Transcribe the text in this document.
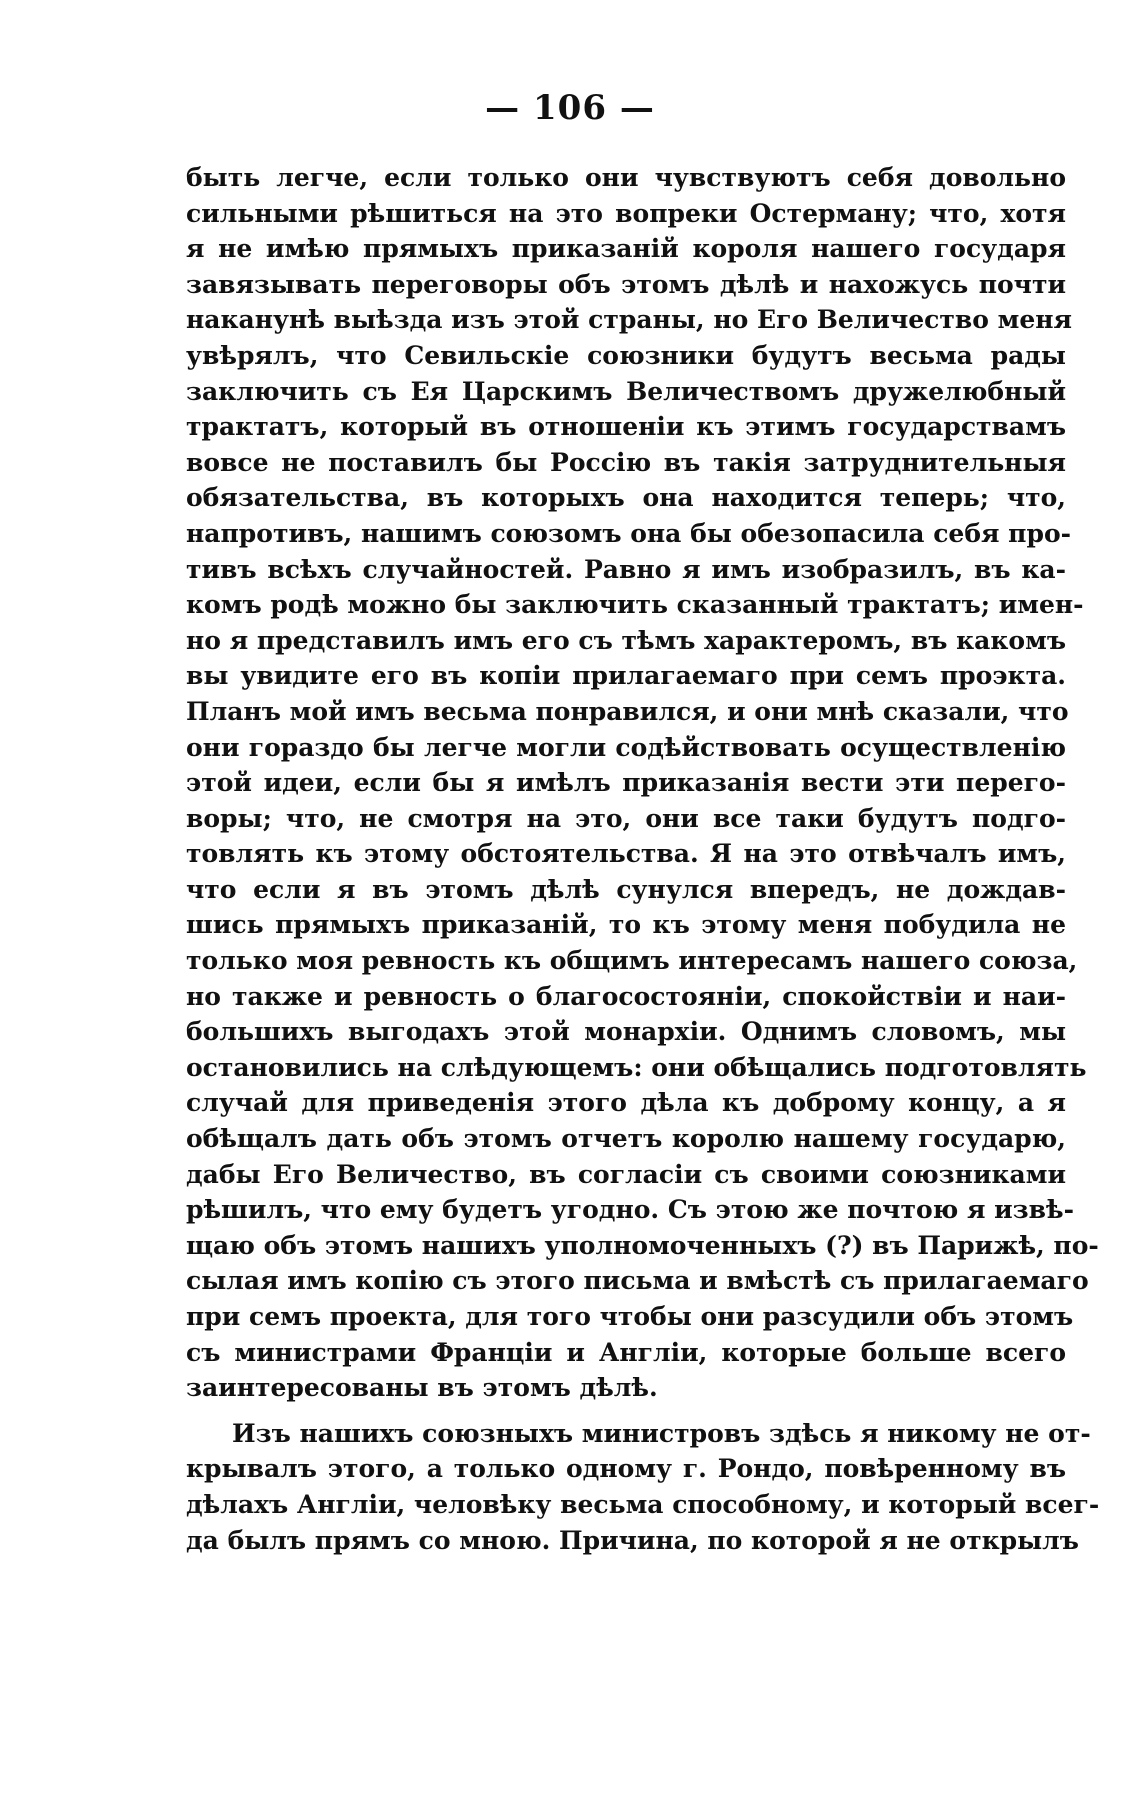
— 106 —
быть легче, если только они чувствуютъ себя довольно
сильными рѣшиться на это вопреки Остерману; что, хотя
я не имѣю прямыхъ приказаній короля нашего государя
завязывать переговоры объ этомъ дѣлѣ и нахожусь почти
наканунѣ выѣзда изъ этой страны, но Его Величество меня
увѣрялъ, что Севильскіе союзники будутъ весьма рады
заключить съ Ея Царскимъ Величествомъ дружелюбный
трактатъ, который въ отношеніи къ этимъ государствамъ
вовсе не поставилъ бы Россію въ такія затруднительныя
обязательства, въ которыхъ она находится теперь; что,
напротивъ, нашимъ союзомъ она бы обезопасила себя про-
тивъ всѣхъ случайностей. Равно я имъ изобразилъ, въ ка-
комъ родѣ можно бы заключить сказанный трактатъ; имен-
но я представилъ имъ его съ тѣмъ характеромъ, въ какомъ
вы увидите его въ копіи прилагаемаго при семъ проэкта.
Планъ мой имъ весьма понравился, и они мнѣ сказали, что
они гораздо бы легче могли содѣйствовать осуществленію
этой идеи, если бы я имѣлъ приказанія вести эти перего-
воры; что, не смотря на это, они все таки будутъ подго-
товлять къ этому обстоятельства. Я на это отвѣчалъ имъ,
что если я въ этомъ дѣлѣ сунулся впередъ, не дождав-
шись прямыхъ приказаній, то къ этому меня побудила не
только моя ревность къ общимъ интересамъ нашего союза,
но также и ревность о благосостояніи, спокойствіи и наи-
большихъ выгодахъ этой монархіи. Однимъ словомъ, мы
остановились на слѣдующемъ: они обѣщались подготовлять
случай для приведенія этого дѣла къ доброму концу, а я
обѣщалъ дать объ этомъ отчетъ королю нашему государю,
дабы Его Величество, въ согласіи съ своими союзниками
рѣшилъ, что ему будетъ угодно. Съ этою же почтою я извѣ-
щаю объ этомъ нашихъ уполномоченныхъ (?) въ Парижѣ, по-
сылая имъ копію съ этого письма и вмѣстѣ съ прилагаемаго
при семъ проекта, для того чтобы они разсудили объ этомъ
съ министрами Франціи и Англіи, которые больше всего
заинтересованы въ этомъ дѣлѣ.
Изъ нашихъ союзныхъ министровъ здѣсь я никому не от-
крывалъ этого, а только одному г. Рондо, повѣренному въ
дѣлахъ Англіи, человѣку весьма способному, и который всег-
да былъ прямъ со мною. Причина, по которой я не открылъ
